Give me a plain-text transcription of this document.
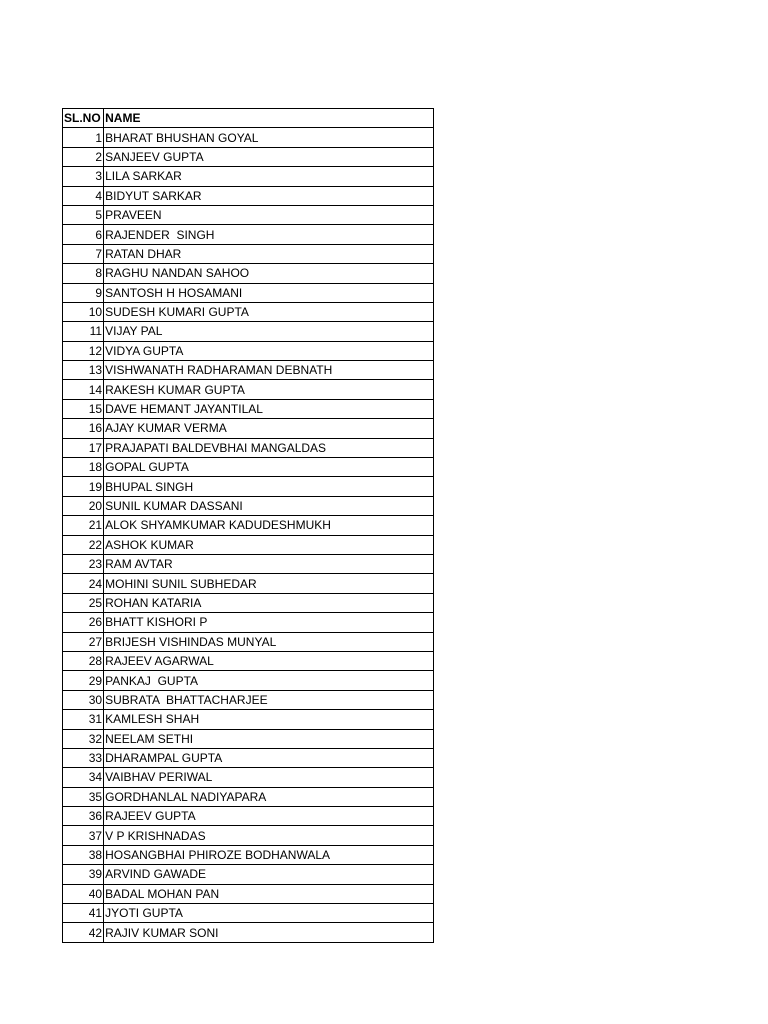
SL.NO	NAME
1	BHARAT BHUSHAN GOYAL
2	SANJEEV GUPTA
3	LILA SARKAR
4	BIDYUT SARKAR
5	PRAVEEN
6	RAJENDER  SINGH
7	RATAN DHAR
8	RAGHU NANDAN SAHOO
9	SANTOSH H HOSAMANI
10	SUDESH KUMARI GUPTA
11	VIJAY PAL
12	VIDYA GUPTA
13	VISHWANATH RADHARAMAN DEBNATH
14	RAKESH KUMAR GUPTA
15	DAVE HEMANT JAYANTILAL
16	AJAY KUMAR VERMA
17	PRAJAPATI BALDEVBHAI MANGALDAS
18	GOPAL GUPTA
19	BHUPAL SINGH
20	SUNIL KUMAR DASSANI
21	ALOK SHYAMKUMAR KADUDESHMUKH
22	ASHOK KUMAR
23	RAM AVTAR
24	MOHINI SUNIL SUBHEDAR
25	ROHAN KATARIA
26	BHATT KISHORI P
27	BRIJESH VISHINDAS MUNYAL
28	RAJEEV AGARWAL
29	PANKAJ  GUPTA
30	SUBRATA  BHATTACHARJEE
31	KAMLESH SHAH
32	NEELAM SETHI
33	DHARAMPAL GUPTA
34	VAIBHAV PERIWAL
35	GORDHANLAL NADIYAPARA
36	RAJEEV GUPTA
37	V P KRISHNADAS
38	HOSANGBHAI PHIROZE BODHANWALA
39	ARVIND GAWADE
40	BADAL MOHAN PAN
41	JYOTI GUPTA
42	RAJIV KUMAR SONI
